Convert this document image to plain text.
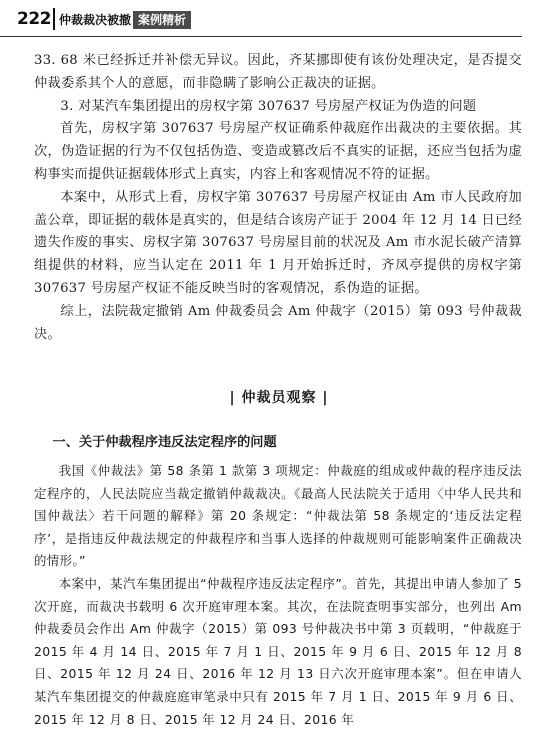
222 仲裁裁决被撤 案例精析

33. 68 米已经拆迁并补偿无异议。因此，齐某挪即使有该份处理决定，是否提交仲裁委系其个人的意愿，而非隐瞒了影响公正裁决的证据。

3. 对某汽车集团提出的房权字第 307637 号房屋产权证为伪造的问题

首先，房权字第 307637 号房屋产权证确系仲裁庭作出裁决的主要依据。其次，伪造证据的行为不仅包括伪造、变造或篡改后不真实的证据，还应当包括为虚构事实而提供证据载体形式上真实，内容上和客观情况不符的证据。

本案中，从形式上看，房权字第 307637 号房屋产权证由 Am 市人民政府加盖公章，即证据的载体是真实的，但是结合该房产证于 2004 年 12 月 14 日已经遗失作废的事实、房权字第 307637 号房屋目前的状况及 Am 市水泥长破产清算组提供的材料，应当认定在 2011 年 1 月开始拆迁时，齐凤亭提供的房权字第 307637 号房屋产权证不能反映当时的客观情况，系伪造的证据。

综上，法院裁定撤销 Am 仲裁委员会 Am 仲裁字（2015）第 093 号仲裁裁决。

| 仲裁员观察 |
一、关于仲裁程序违反法定程序的问题

我国《仲裁法》第 58 条第 1 款第 3 项规定：仲裁庭的组成或仲裁的程序违反法定程序的，人民法院应当裁定撤销仲裁裁决。《最高人民法院关于适用〈中华人民共和国仲裁法〉若干问题的解释》第 20 条规定：“仲裁法第 58 条规定的‘违反法定程序’，是指违反仲裁法规定的仲裁程序和当事人选择的仲裁规则可能影响案件正确裁决的情形。”

本案中，某汽车集团提出“仲裁程序违反法定程序”。首先，其提出申请人参加了 5 次开庭，而裁决书载明 6 次开庭审理本案。其次，在法院查明事实部分，也列出 Am 仲裁委员会作出 Am 仲裁字（2015）第 093 号仲裁决书中第 3 页载明，“仲裁庭于 2015 年 4 月 14 日、2015 年 7 月 1 日、2015 年 9 月 6 日、2015 年 12 月 8 日、2015 年 12 月 24 日、2016 年 12 月 13 日六次开庭审理本案”。但在申请人某汽车集团提交的仲裁庭庭审笔录中只有 2015 年 7 月 1 日、2015 年 9 月 6 日、2015 年 12 月 8 日、2015 年 12 月 24 日、2016 年
